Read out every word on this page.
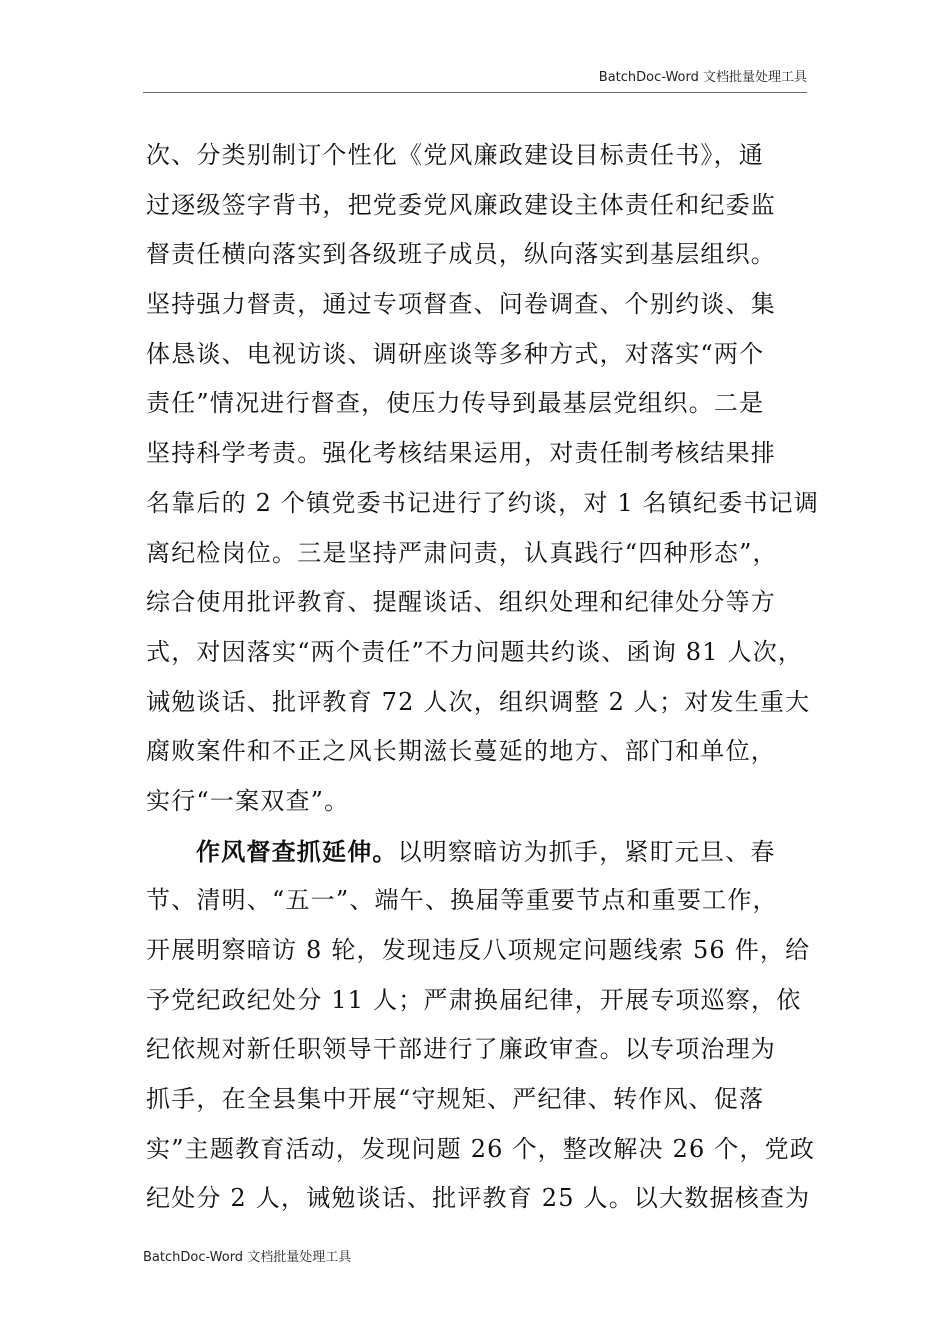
BatchDoc-Word 文档批量处理工具
次、分类别制订个性化《党风廉政建设目标责任书》，通
过逐级签字背书，把党委党风廉政建设主体责任和纪委监
督责任横向落实到各级班子成员，纵向落实到基层组织。
坚持强力督责，通过专项督查、问卷调查、个别约谈、集
体恳谈、电视访谈、调研座谈等多种方式，对落实“两个
责任”情况进行督查，使压力传导到最基层党组织。二是
坚持科学考责。强化考核结果运用，对责任制考核结果排
名靠后的 2 个镇党委书记进行了约谈，对 1 名镇纪委书记调
离纪检岗位。三是坚持严肃问责，认真践行“四种形态”，
综合使用批评教育、提醒谈话、组织处理和纪律处分等方
式，对因落实“两个责任”不力问题共约谈、函询 81 人次，
诫勉谈话、批评教育 72 人次，组织调整 2 人；对发生重大
腐败案件和不正之风长期滋长蔓延的地方、部门和单位，
实行“一案双查”。
作风督查抓延伸。以明察暗访为抓手，紧盯元旦、春
节、清明、“五一”、端午、换届等重要节点和重要工作，
开展明察暗访 8 轮，发现违反八项规定问题线索 56 件，给
予党纪政纪处分 11 人；严肃换届纪律，开展专项巡察，依
纪依规对新任职领导干部进行了廉政审查。以专项治理为
抓手，在全县集中开展“守规矩、严纪律、转作风、促落
实”主题教育活动，发现问题 26 个，整改解决 26 个，党政
纪处分 2 人，诫勉谈话、批评教育 25 人。以大数据核查为
BatchDoc-Word 文档批量处理工具
